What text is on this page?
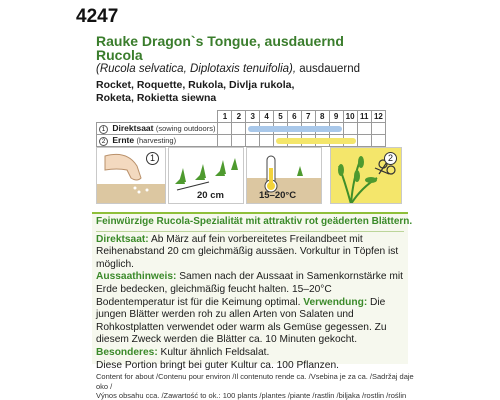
4247
Rauke Dragon`s Tongue, ausdauernd
Rucola
(Rucola selvatica, Diplotaxis tenuifolia), ausdauernd
Rocket, Roquette, Rukola, Divlja rukola,
Roketa, Rokietta siewna
	1	2	3	4	5	6	7	8	9	10	11	12
1 Direktsaat (sowing outdoors)			

2 Ernte (harvesting)					

1
20 cm	15–20°C
2
Feinwürzige Rucola-Spezialität mit attraktiv rot geäderten Blättern.

Direktsaat: Ab März auf fein vorbereitetes Freilandbeet mit Reihenabstand 20 cm gleichmäßig aussäen. Vorkultur in Töpfen ist möglich.

Aussaathinweis: Samen nach der Aussaat in Samenkornstärke mit Erde bedecken, gleichmäßig feucht halten. 15–20°C Bodentemperatur ist für die Keimung optimal. Verwendung: Die jungen Blätter werden roh zu allen Arten von Salaten und Rohkostplatten verwendet oder warm als Gemüse gegessen. Zu diesem Zweck werden die Blätter ca. 10 Minuten gekocht.

Besonderes: Kultur ähnlich Feldsalat.

Diese Portion bringt bei guter Kultur ca. 100 Pflanzen.

Content for about /Contenu pour environ /Il contenuto rende ca. /Vsebina je za ca. /Sadržaj daje oko /
Výnos obsahu cca. /Zawartość to ok.: 100 plants /plantes /piante /rastlin /biljaka /rostlin /roślin
